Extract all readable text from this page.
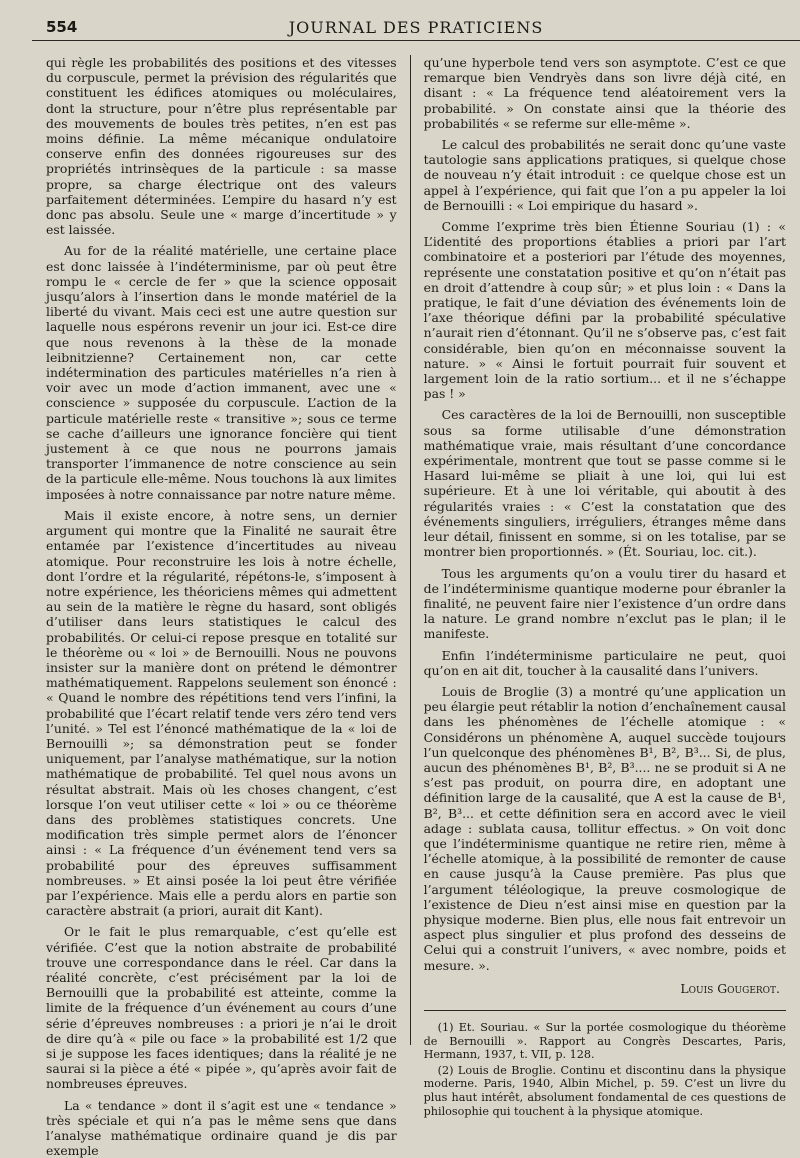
554	JOURNAL DES PRATICIENS

qui règle les probabilités des positions et des vitesses du corpuscule, permet la prévision des régularités que constituent les édifices atomiques ou moléculaires, dont la structure, pour n’être plus représentable par des mouvements de boules très petites, n’en est pas moins définie. La même mécanique ondulatoire conserve enfin des données rigoureuses sur des propriétés intrinsèques de la particule : sa masse propre, sa charge électrique ont des valeurs parfaitement déterminées. L’empire du hasard n’y est donc pas absolu. Seule une « marge d’incertitude » y est laissée.

Au for de la réalité matérielle, une certaine place est donc laissée à l’indéterminisme, par où peut être rompu le « cercle de fer » que la science opposait jusqu’alors à l’insertion dans le monde matériel de la liberté du vivant. Mais ceci est une autre question sur laquelle nous espérons revenir un jour ici. Est-ce dire que nous revenons à la thèse de la monade leibnitzienne? Certainement non, car cette indétermination des particules matérielles n’a rien à voir avec un mode d’action immanent, avec une « conscience » supposée du corpuscule. L’action de la particule matérielle reste « transitive »; sous ce terme se cache d’ailleurs une ignorance foncière qui tient justement à ce que nous ne pourrons jamais transporter l’immanence de notre conscience au sein de la particule elle-même. Nous touchons là aux limites imposées à notre connaissance par notre nature même.

Mais il existe encore, à notre sens, un dernier argument qui montre que la Finalité ne saurait être entamée par l’existence d’incertitudes au niveau atomique. Pour reconstruire les lois à notre échelle, dont l’ordre et la régularité, répétons-le, s’imposent à notre expérience, les théoriciens mêmes qui admettent au sein de la matière le règne du hasard, sont obligés d’utiliser dans leurs statistiques le calcul des probabilités. Or celui-ci repose presque en totalité sur le théorème ou « loi » de Bernouilli. Nous ne pouvons insister sur la manière dont on prétend le démontrer mathématiquement. Rappelons seulement son énoncé : « Quand le nombre des répétitions tend vers l’infini, la probabilité que l’écart relatif tende vers zéro tend vers l’unité. » Tel est l’énoncé mathématique de la « loi de Bernouilli »; sa démonstration peut se fonder uniquement, par l’analyse mathématique, sur la notion mathématique de probabilité. Tel quel nous avons un résultat abstrait. Mais où les choses changent, c’est lorsque l’on veut utiliser cette « loi » ou ce théorème dans des problèmes statistiques concrets. Une modification très simple permet alors de l’énoncer ainsi : « La fréquence d’un événement tend vers sa probabilité pour des épreuves suffisamment nombreuses. » Et ainsi posée la loi peut être vérifiée par l’expérience. Mais elle a perdu alors en partie son caractère abstrait (a priori, aurait dit Kant).

Or le fait le plus remarquable, c’est qu’elle est vérifiée. C’est que la notion abstraite de probabilité trouve une correspondance dans le réel. Car dans la réalité concrète, c’est précisément par la loi de Bernouilli que la probabilité est atteinte, comme la limite de la fréquence d’un événement au cours d’une série d’épreuves nombreuses : a priori je n’ai le droit de dire qu’à « pile ou face » la probabilité est 1/2 que si je suppose les faces identiques; dans la réalité je ne saurai si la pièce a été « pipée », qu’après avoir fait de nombreuses épreuves.

La « tendance » dont il s’agit est une « tendance » très spéciale et qui n’a pas le même sens que dans l’analyse mathématique ordinaire quand je dis par exemple

qu’une hyperbole tend vers son asymptote. C’est ce que remarque bien Vendryès dans son livre déjà cité, en disant : « La fréquence tend aléatoirement vers la probabilité. » On constate ainsi que la théorie des probabilités « se referme sur elle-même ».

Le calcul des probabilités ne serait donc qu’une vaste tautologie sans applications pratiques, si quelque chose de nouveau n’y était introduit : ce quelque chose est un appel à l’expérience, qui fait que l’on a pu appeler la loi de Bernouilli : « Loi empirique du hasard ».

Comme l’exprime très bien Étienne Souriau (1) : « L’identité des proportions établies a priori par l’art combinatoire et a posteriori par l’étude des moyennes, représente une constatation positive et qu’on n’était pas en droit d’attendre à coup sûr; » et plus loin : « Dans la pratique, le fait d’une déviation des événements loin de l’axe théorique défini par la probabilité spéculative n’aurait rien d’étonnant. Qu’il ne s’observe pas, c’est fait considérable, bien qu’on en méconnaisse souvent la nature. » « Ainsi le fortuit pourrait fuir souvent et largement loin de la ratio sortium... et il ne s’échappe pas ! »

Ces caractères de la loi de Bernouilli, non susceptible sous sa forme utilisable d’une démonstration mathématique vraie, mais résultant d’une concordance expérimentale, montrent que tout se passe comme si le Hasard lui-même se pliait à une loi, qui lui est supérieure. Et à une loi véritable, qui aboutit à des régularités vraies : « C’est la constatation que des événements singuliers, irréguliers, étranges même dans leur détail, finissent en somme, si on les totalise, par se montrer bien proportionnés. » (Ét. Souriau, loc. cit.).

Tous les arguments qu’on a voulu tirer du hasard et de l’indéterminisme quantique moderne pour ébranler la finalité, ne peuvent faire nier l’existence d’un ordre dans la nature. Le grand nombre n’exclut pas le plan; il le manifeste.

Enfin l’indéterminisme particulaire ne peut, quoi qu’on en ait dit, toucher à la causalité dans l’univers.

Louis de Broglie (3) a montré qu’une application un peu élargie peut rétablir la notion d’enchaînement causal dans les phénomènes de l’échelle atomique : « Considérons un phénomène A, auquel succède toujours l’un quelconque des phénomènes B¹, B², B³... Si, de plus, aucun des phénomènes B¹, B², B³.... ne se produit si A ne s’est pas produit, on pourra dire, en adoptant une définition large de la causalité, que A est la cause de B¹, B², B³... et cette définition sera en accord avec le vieil adage : sublata causa, tollitur effectus. » On voit donc que l’indéterminisme quantique ne retire rien, même à l’échelle atomique, à la possibilité de remonter de cause en cause jusqu’à la Cause première. Pas plus que l’argument téléologique, la preuve cosmologique de l’existence de Dieu n’est ainsi mise en question par la physique moderne. Bien plus, elle nous fait entrevoir un aspect plus singulier et plus profond des desseins de Celui qui a construit l’univers, « avec nombre, poids et mesure. ».

Louis Gougerot.

(1) Et. Souriau. « Sur la portée cosmologique du théorème de Bernouilli ». Rapport au Congrès Descartes, Paris, Hermann, 1937, t. VII, p. 128.

(2) Louis de Broglie. Continu et discontinu dans la physique moderne. Paris, 1940, Albin Michel, p. 59. C’est un livre du plus haut intérêt, absolument fondamental de ces questions de philosophie qui touchent à la physique atomique.
